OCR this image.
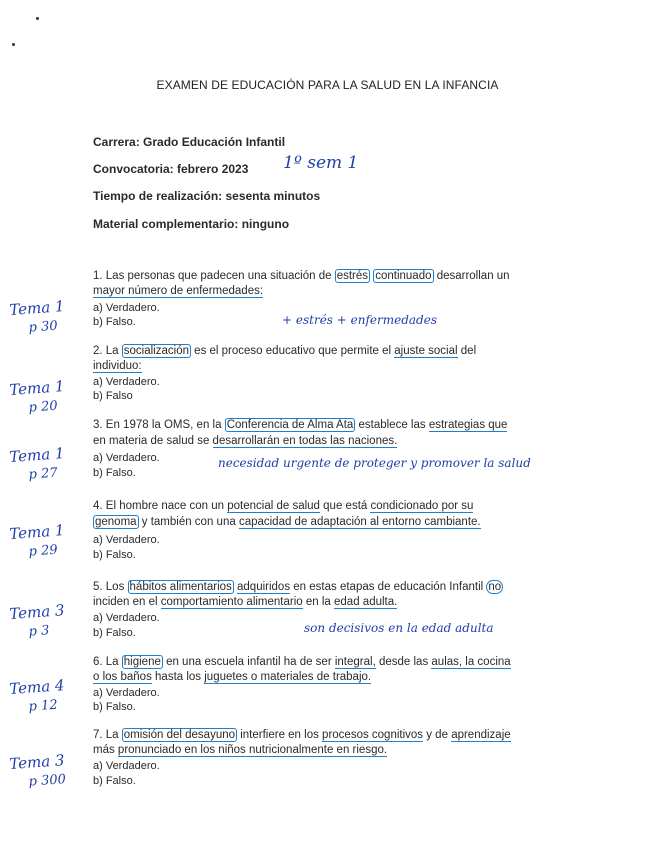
EXAMEN DE EDUCACIÓN PARA LA SALUD EN LA INFANCIA
Carrera: Grado Educación Infantil
Convocatoria: febrero 2023 1º sem 1
Tiempo de realización: sesenta minutos
Material complementario: ninguno
1. Las personas que padecen una situación de estrés continuado desarrollan un
mayor número de enfermedades:
a) Verdadero.
b) Falso.
Tema 1
p 30	+ estrés + enfermedades
2. La socialización es el proceso educativo que permite el ajuste social del
individuo:
a) Verdadero.
b) Falso
Tema 1
p 20
3. En 1978 la OMS, en la Conferencia de Alma Ata establece las estrategias que
en materia de salud se desarrollarán en todas las naciones.
a) Verdadero.
b) Falso.
Tema 1
p 27
necesidad urgente de proteger y promover la salud
4. El hombre nace con un potencial de salud que está condicionado por su
genoma y también con una capacidad de adaptación al entorno cambiante.
a) Verdadero.
b) Falso.
Tema 1
p 29
5. Los hábitos alimentarios adquiridos en estas etapas de educación Infantil no
inciden en el comportamiento alimentario en la edad adulta.
a) Verdadero.
b) Falso.
Tema 3
p 3	son decisivos en la edad adulta
6. La higiene en una escuela infantil ha de ser integral, desde las aulas, la cocina
o los baños hasta los juguetes o materiales de trabajo.
a) Verdadero.
b) Falso.
Tema 4
p 12
7. La omisión del desayuno interfiere en los procesos cognitivos y de aprendizaje
más pronunciado en los niños nutricionalmente en riesgo.
a) Verdadero.
b) Falso.
Tema 3
p 300
